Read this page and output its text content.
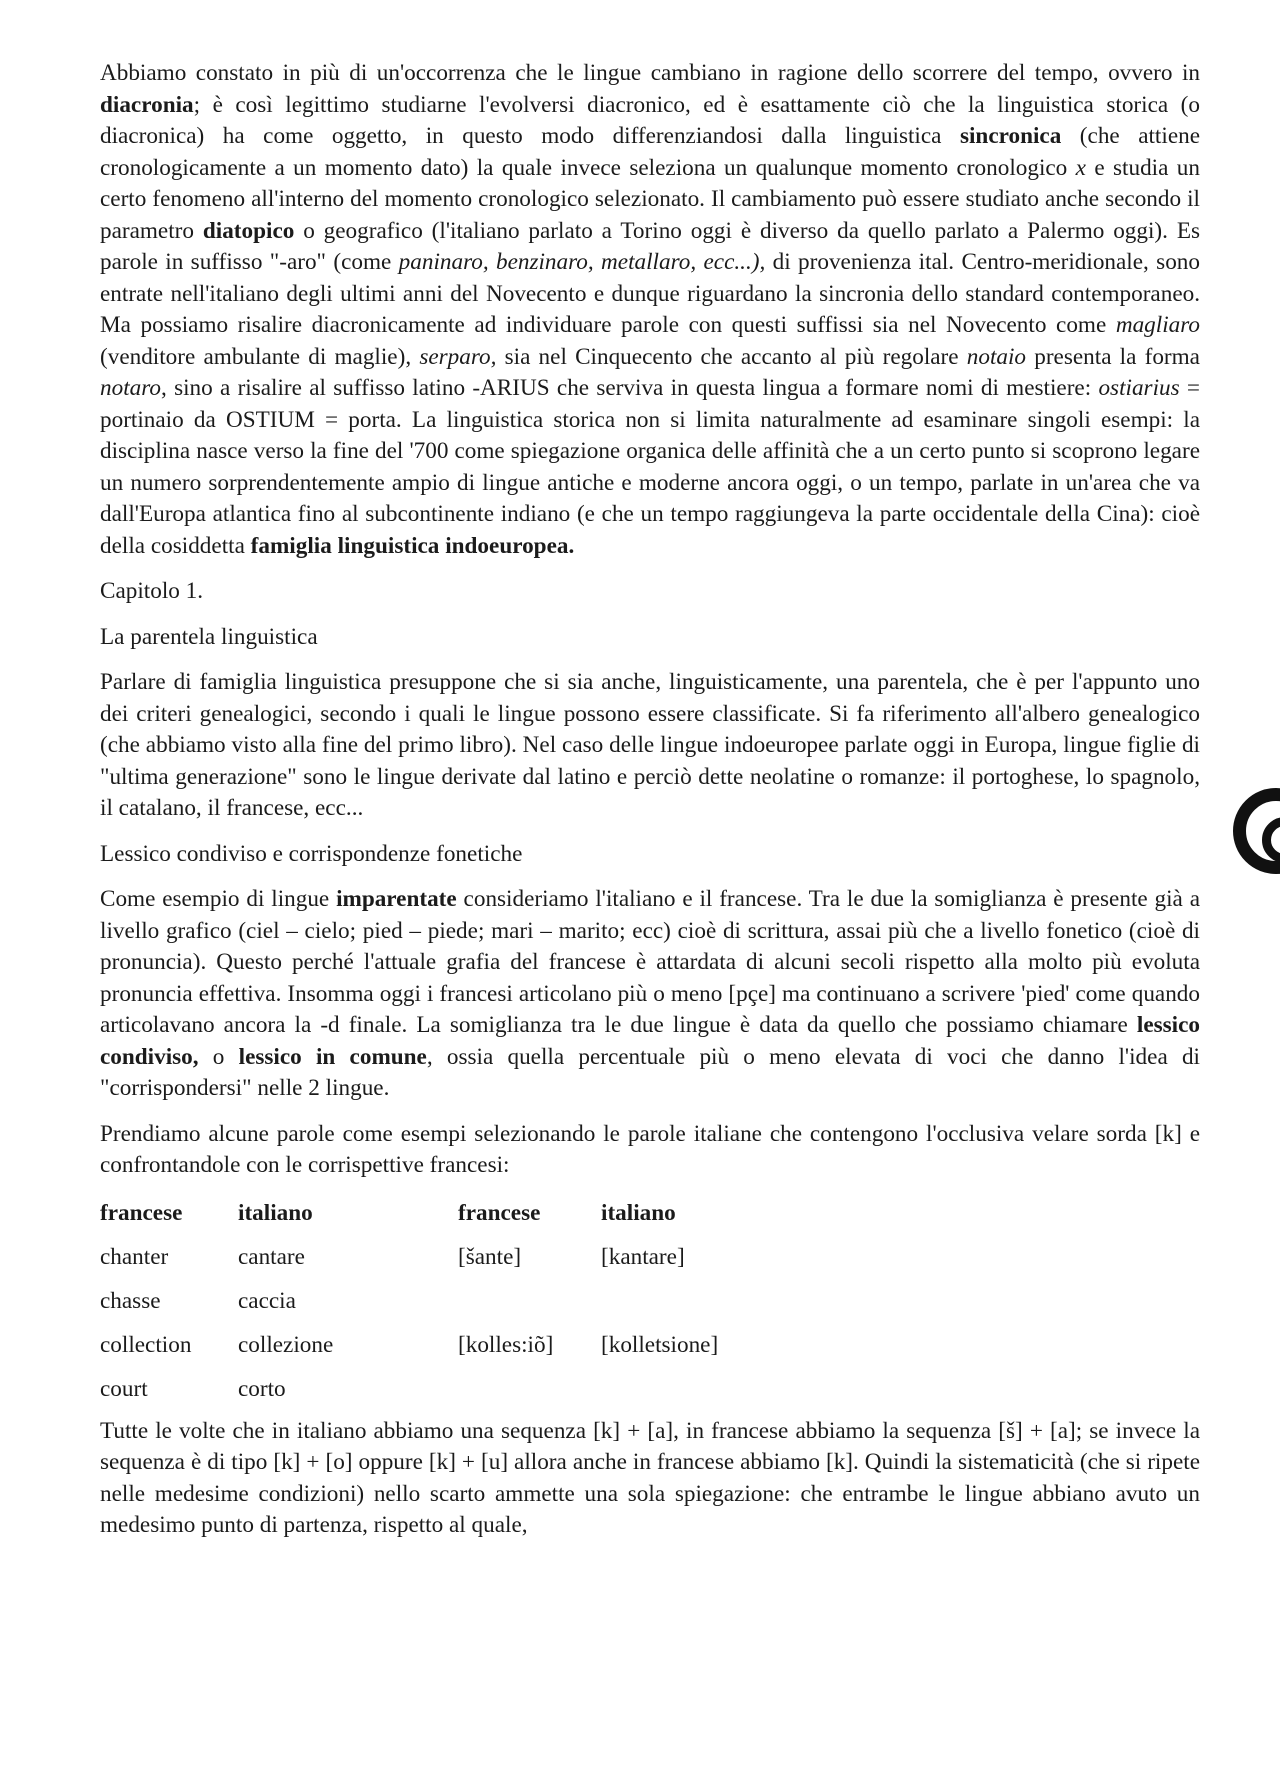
Abbiamo constato in più di un'occorrenza che le lingue cambiano in ragione dello scorrere del tempo, ovvero in diacronia; è così legittimo studiarne l'evolversi diacronico, ed è esattamente ciò che la linguistica storica (o diacronica) ha come oggetto, in questo modo differenziandosi dalla linguistica sincronica (che attiene cronologicamente a un momento dato) la quale invece seleziona un qualunque momento cronologico x e studia un certo fenomeno all'interno del momento cronologico selezionato. Il cambiamento può essere studiato anche secondo il parametro diatopico o geografico (l'italiano parlato a Torino oggi è diverso da quello parlato a Palermo oggi). Es parole in suffisso "-aro" (come paninaro, benzinaro, metallaro, ecc...), di provenienza ital. Centro-meridionale, sono entrate nell'italiano degli ultimi anni del Novecento e dunque riguardano la sincronia dello standard contemporaneo. Ma possiamo risalire diacronicamente ad individuare parole con questi suffissi sia nel Novecento come magliaro (venditore ambulante di maglie), serparo, sia nel Cinquecento che accanto al più regolare notaio presenta la forma notaro, sino a risalire al suffisso latino -ARIUS che serviva in questa lingua a formare nomi di mestiere: ostiarius = portinaio da OSTIUM = porta. La linguistica storica non si limita naturalmente ad esaminare singoli esempi: la disciplina nasce verso la fine del '700 come spiegazione organica delle affinità che a un certo punto si scoprono legare un numero sorprendentemente ampio di lingue antiche e moderne ancora oggi, o un tempo, parlate in un'area che va dall'Europa atlantica fino al subcontinente indiano (e che un tempo raggiungeva la parte occidentale della Cina): cioè della cosiddetta famiglia linguistica indoeuropea.

Capitolo 1.

La parentela linguistica

Parlare di famiglia linguistica presuppone che si sia anche, linguisticamente, una parentela, che è per l'appunto uno dei criteri genealogici, secondo i quali le lingue possono essere classificate. Si fa riferimento all'albero genealogico (che abbiamo visto alla fine del primo libro). Nel caso delle lingue indoeuropee parlate oggi in Europa, lingue figlie di "ultima generazione" sono le lingue derivate dal latino e perciò dette neolatine o romanze: il portoghese, lo spagnolo, il catalano, il francese, ecc...

Lessico condiviso e corrispondenze fonetiche

Come esempio di lingue imparentate consideriamo l'italiano e il francese. Tra le due la somiglianza è presente già a livello grafico (ciel – cielo; pied – piede; mari – marito; ecc) cioè di scrittura, assai più che a livello fonetico (cioè di pronuncia). Questo perché l'attuale grafia del francese è attardata di alcuni secoli rispetto alla molto più evoluta pronuncia effettiva. Insomma oggi i francesi articolano più o meno [pçe] ma continuano a scrivere 'pied' come quando articolavano ancora la -d finale. La somiglianza tra le due lingue è data da quello che possiamo chiamare lessico condiviso, o lessico in comune, ossia quella percentuale più o meno elevata di voci che danno l'idea di "corrispondersi" nelle 2 lingue.

Prendiamo alcune parole come esempi selezionando le parole italiane che contengono l'occlusiva velare sorda [k] e confrontandole con le corrispettive francesi:

francese	italiano	francese	italiano
chanter	cantare	[šante]	[kantare]
chasse	caccia		
collection	collezione	[kolles:iõ]	[kolletsione]
court	corto		

Tutte le volte che in italiano abbiamo una sequenza [k] + [a], in francese abbiamo la sequenza [š] + [a]; se invece la sequenza è di tipo [k] + [o] oppure [k] + [u] allora anche in francese abbiamo [k]. Quindi la sistematicità (che si ripete nelle medesime condizioni) nello scarto ammette una sola spiegazione: che entrambe le lingue abbiano avuto un medesimo punto di partenza, rispetto al quale,
